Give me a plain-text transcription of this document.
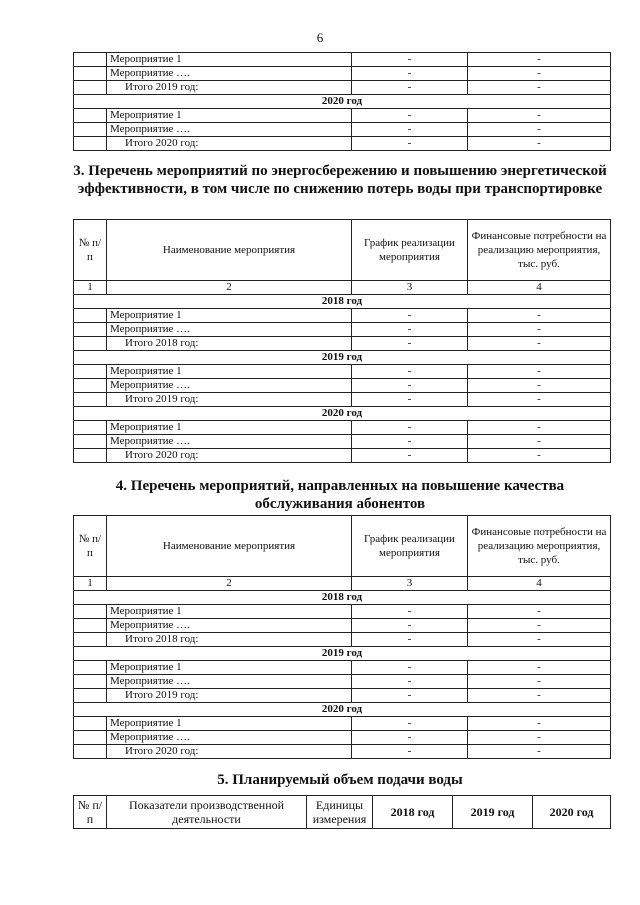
6
	Мероприятие 1	-	-
	Мероприятие ….	-	-
	Итого 2019 год:	-	-
2020 год			
	Мероприятие 1	-	-
	Мероприятие ….	-	-
	Итого 2020 год:	-	-
3. Перечень мероприятий по энергосбережению и повышению энергетической эффективности, в том числе по снижению потерь воды при транспортировке
№ п/п	Наименование мероприятия	График реализации мероприятия	Финансовые потребности на реализацию мероприятия, тыс. руб.
1	2	3	4
2018 год			
	Мероприятие 1	-	-
	Мероприятие ….	-	-
	Итого 2018 год:	-	-
2019 год			
	Мероприятие 1	-	-
	Мероприятие ….	-	-
	Итого 2019 год:	-	-
2020 год			
	Мероприятие 1	-	-
	Мероприятие ….	-	-
	Итого 2020 год:	-	-
4. Перечень мероприятий, направленных на повышение качества обслуживания абонентов
№ п/п	Наименование мероприятия	График реализации мероприятия	Финансовые потребности на реализацию мероприятия, тыс. руб.
1	2	3	4
2018 год			
	Мероприятие 1	-	-
	Мероприятие ….	-	-
	Итого 2018 год:	-	-
2019 год			
	Мероприятие 1	-	-
	Мероприятие ….	-	-
	Итого 2019 год:	-	-
2020 год			
	Мероприятие 1	-	-
	Мероприятие ….	-	-
	Итого 2020 год:	-	-
5. Планируемый объем подачи воды
№ п/п	Показатели производственной деятельности	Единицы измерения	2018 год	2019 год	2020 год
